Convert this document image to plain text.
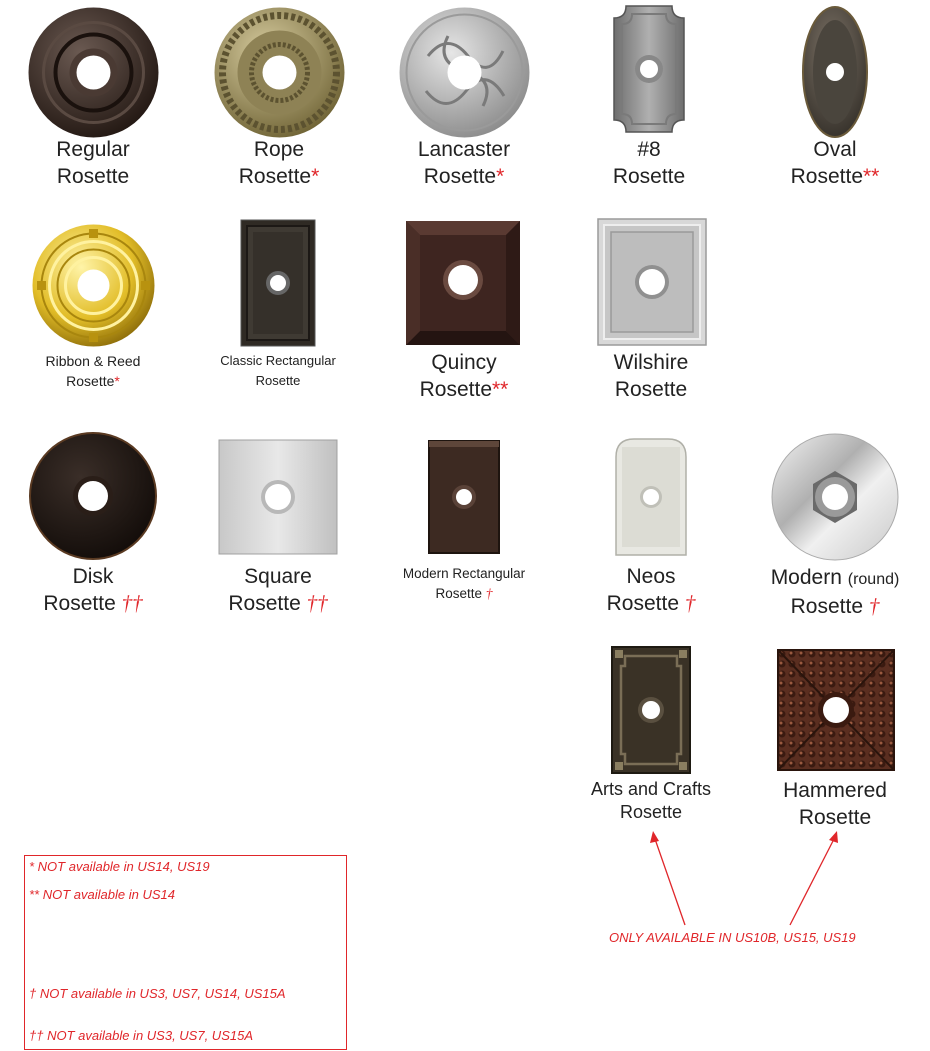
Regular
Rosette
Rope
Rosette*
Lancaster
Rosette*
#8
Rosette
Oval
Rosette**
Ribbon & Reed
Rosette*
Classic Rectangular
Rosette
Quincy
Rosette**
Wilshire
Rosette
Disk
Rosette ††
Square
Rosette ††
Modern Rectangular
Rosette †
Neos
Rosette †
Modern (round)
Rosette †
Arts and Crafts
Rosette
Hammered
Rosette
ONLY AVAILABLE IN US10B, US15, US19
* NOT available in US14, US19
** NOT available in US14
† NOT available in US3, US7, US14, US15A
†† NOT available in US3, US7, US15A
